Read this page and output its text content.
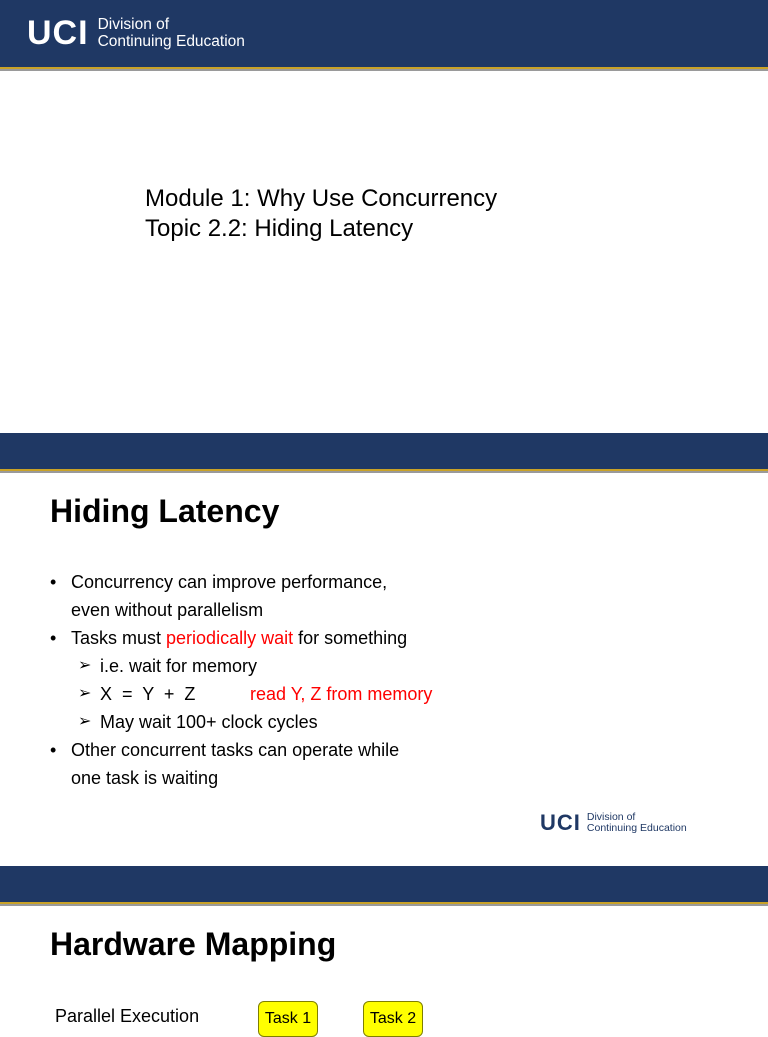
UCI Division of
Continuing Education
Module 1: Why Use Concurrency
Topic 2.2: Hiding Latency
Hiding Latency
• Concurrency can improve performance,
even without parallelism
• Tasks must periodically wait for something
➢ i.e. wait for memory
➢ X  =  Y  +  Z	read Y, Z from memory
➢ May wait 100+ clock cycles
• Other concurrent tasks can operate while
one task is waiting
UCI Division of
Continuing Education
Hardware Mapping
Parallel Execution	Task 1	Task 2
